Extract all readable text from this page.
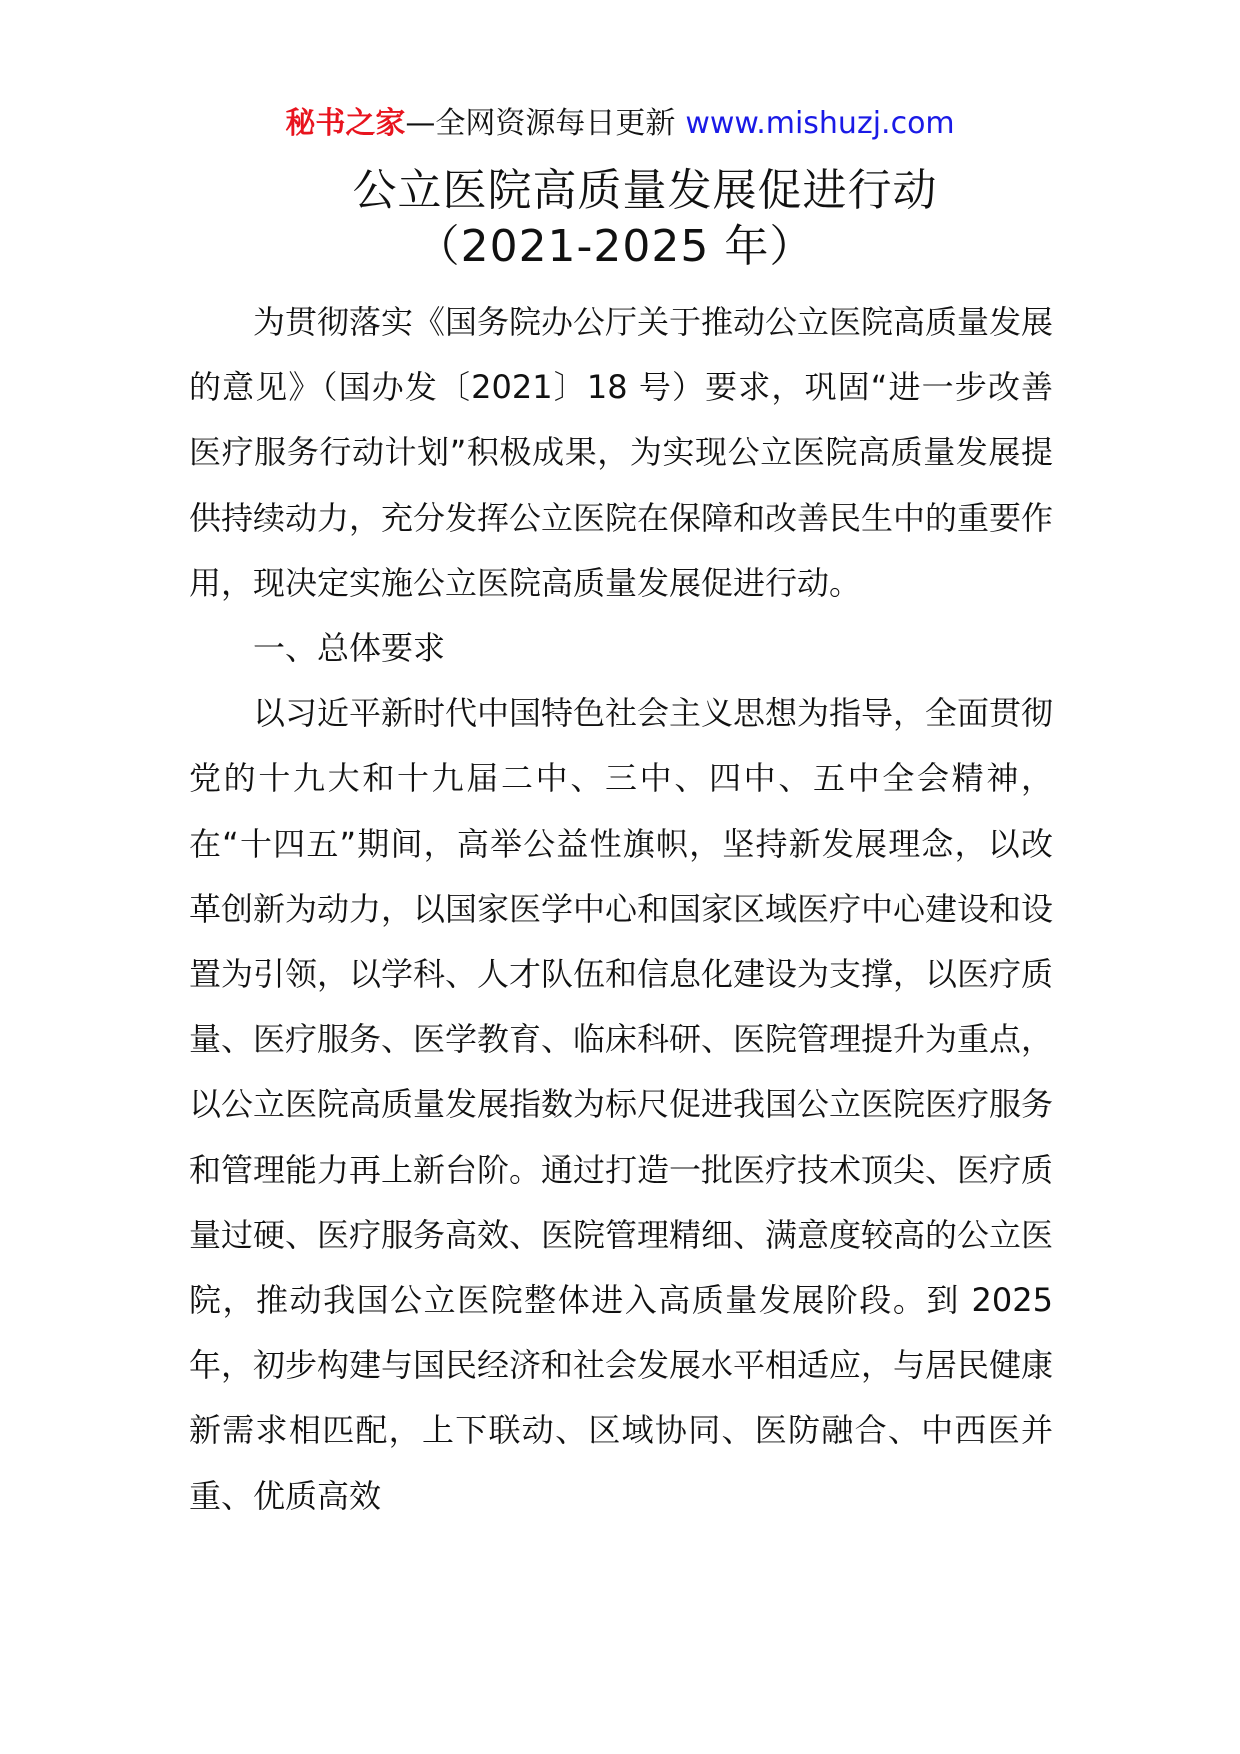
秘书之家—全网资源每日更新 www.mishuzj.com
公立医院高质量发展促进行动
（2021-2025 年）

为贯彻落实《国务院办公厅关于推动公立医院高质量发展的意见》（国办发〔2021〕18 号）要求，巩固“进一步改善医疗服务行动计划”积极成果，为实现公立医院高质量发展提供持续动力，充分发挥公立医院在保障和改善民生中的重要作用，现决定实施公立医院高质量发展促进行动。

一、总体要求

以习近平新时代中国特色社会主义思想为指导，全面贯彻党的十九大和十九届二中、三中、四中、五中全会精神，在“十四五”期间，高举公益性旗帜，坚持新发展理念，以改革创新为动力，以国家医学中心和国家区域医疗中心建设和设置为引领，以学科、人才队伍和信息化建设为支撑，以医疗质量、医疗服务、医学教育、临床科研、医院管理提升为重点，以公立医院高质量发展指数为标尺促进我国公立医院医疗服务和管理能力再上新台阶。通过打造一批医疗技术顶尖、医疗质量过硬、医疗服务高效、医院管理精细、满意度较高的公立医院，推动我国公立医院整体进入高质量发展阶段。到 2025 年，初步构建与国民经济和社会发展水平相适应，与居民健康新需求相匹配，上下联动、区域协同、医防融合、中西医并重、优质高效
